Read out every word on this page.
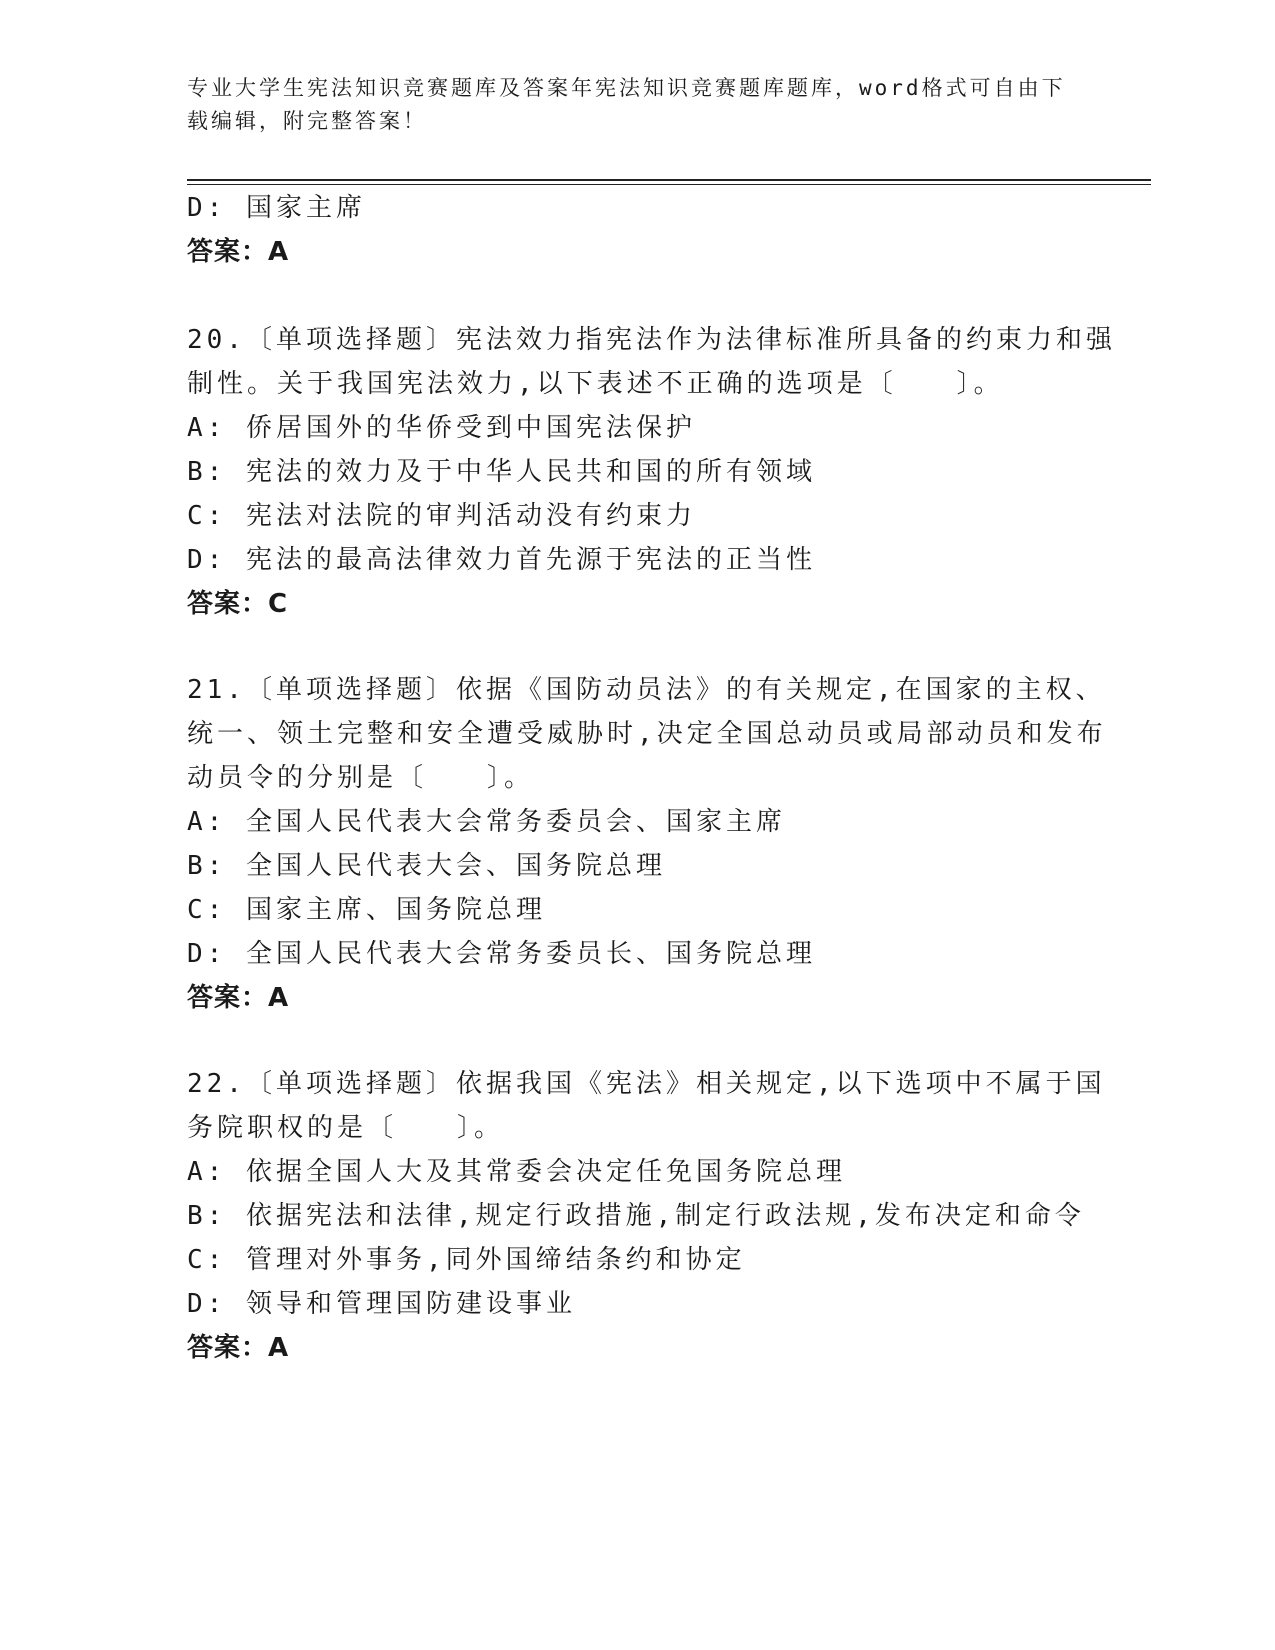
专业大学生宪法知识竞赛题库及答案年宪法知识竞赛题库题库，word格式可自由下载编辑，附完整答案！
D: 国家主席
答案：A
20.〔单项选择题〕宪法效力指宪法作为法律标准所具备的约束力和强
制性。关于我国宪法效力,以下表述不正确的选项是〔　　〕。
A: 侨居国外的华侨受到中国宪法保护
B: 宪法的效力及于中华人民共和国的所有领域
C: 宪法对法院的审判活动没有约束力
D: 宪法的最高法律效力首先源于宪法的正当性
答案：C
21.〔单项选择题〕依据《国防动员法》的有关规定,在国家的主权、
统一、领土完整和安全遭受威胁时,决定全国总动员或局部动员和发布
动员令的分别是〔　　〕。
A: 全国人民代表大会常务委员会、国家主席
B: 全国人民代表大会、国务院总理
C: 国家主席、国务院总理
D: 全国人民代表大会常务委员长、国务院总理
答案：A
22.〔单项选择题〕依据我国《宪法》相关规定,以下选项中不属于国
务院职权的是〔　　〕。
A: 依据全国人大及其常委会决定任免国务院总理
B: 依据宪法和法律,规定行政措施,制定行政法规,发布决定和命令
C: 管理对外事务,同外国缔结条约和协定
D: 领导和管理国防建设事业
答案：A
